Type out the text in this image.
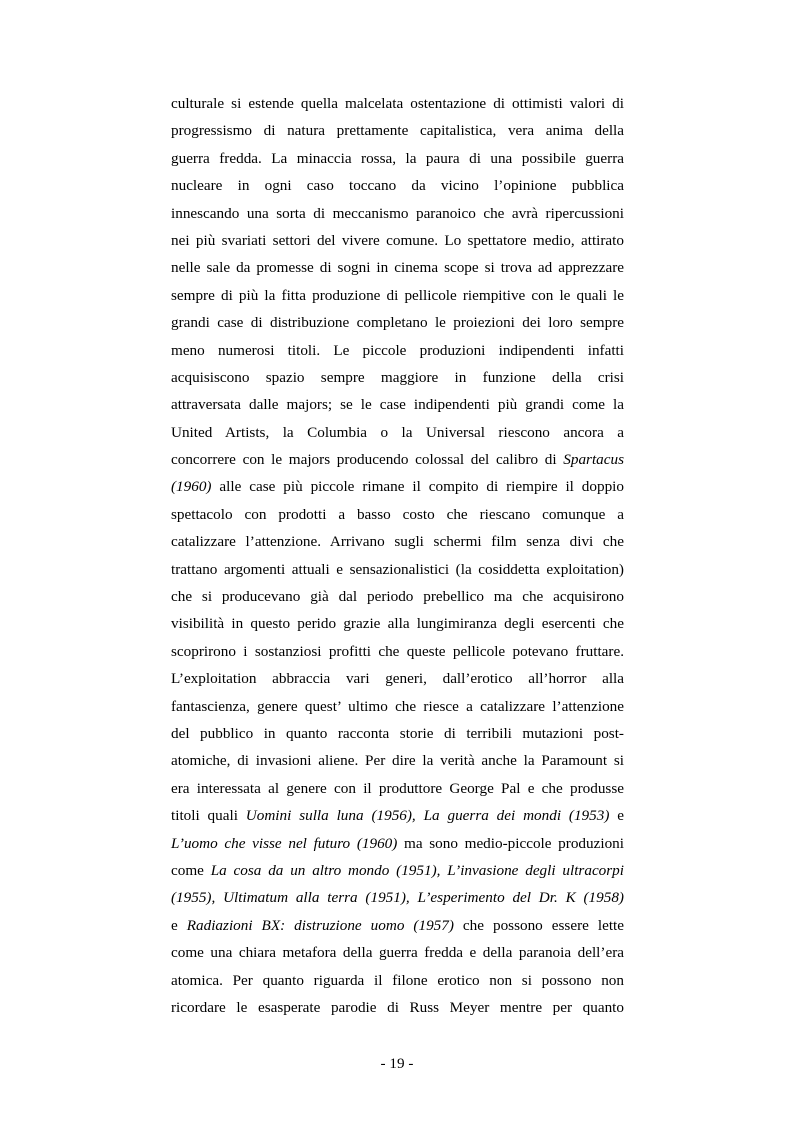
culturale si estende quella malcelata ostentazione di ottimisti valori di
progressismo di natura prettamente capitalistica, vera anima della
guerra fredda. La minaccia rossa, la paura di una possibile guerra
nucleare in ogni caso toccano da vicino l’opinione pubblica
innescando una sorta di meccanismo paranoico che avrà ripercussioni
nei più svariati settori del vivere comune. Lo spettatore medio, attirato
nelle sale da promesse di sogni in cinema scope si trova ad apprezzare
sempre di più la fitta produzione di pellicole riempitive con le quali le
grandi case di distribuzione completano le proiezioni dei loro sempre
meno numerosi titoli. Le piccole produzioni indipendenti infatti
acquisiscono spazio sempre maggiore in funzione della crisi
attraversata dalle majors; se le case indipendenti più grandi come la
United Artists, la Columbia o la Universal riescono ancora a
concorrere con le majors producendo colossal del calibro di Spartacus
(1960) alle case più piccole rimane il compito di riempire il doppio
spettacolo con prodotti a basso costo che riescano comunque a
catalizzare l’attenzione. Arrivano sugli schermi film senza divi che
trattano argomenti attuali e sensazionalistici (la cosiddetta exploitation)
che si producevano già dal periodo prebellico ma che acquisirono
visibilità in questo perido grazie alla lungimiranza degli esercenti che
scoprirono i sostanziosi profitti che queste pellicole potevano fruttare.
L’exploitation abbraccia vari generi, dall’erotico all’horror alla
fantascienza, genere quest’ ultimo che riesce a catalizzare l’attenzione
del pubblico in quanto racconta storie di terribili mutazioni post-
atomiche, di invasioni aliene. Per dire la verità anche la Paramount si
era interessata al genere con il produttore George Pal e che produsse
titoli quali Uomini sulla luna (1956), La guerra dei mondi (1953) e
L’uomo che visse nel futuro (1960) ma sono medio-piccole produzioni
come La cosa da un altro mondo (1951), L’invasione degli ultracorpi
(1955), Ultimatum alla terra (1951), L’esperimento del Dr. K (1958)
e Radiazioni BX: distruzione uomo (1957) che possono essere lette
come una chiara metafora della guerra fredda e della paranoia dell’era
atomica. Per quanto riguarda il filone erotico non si possono non
ricordare le esasperate parodie di Russ Meyer mentre per quanto
- 19 -
